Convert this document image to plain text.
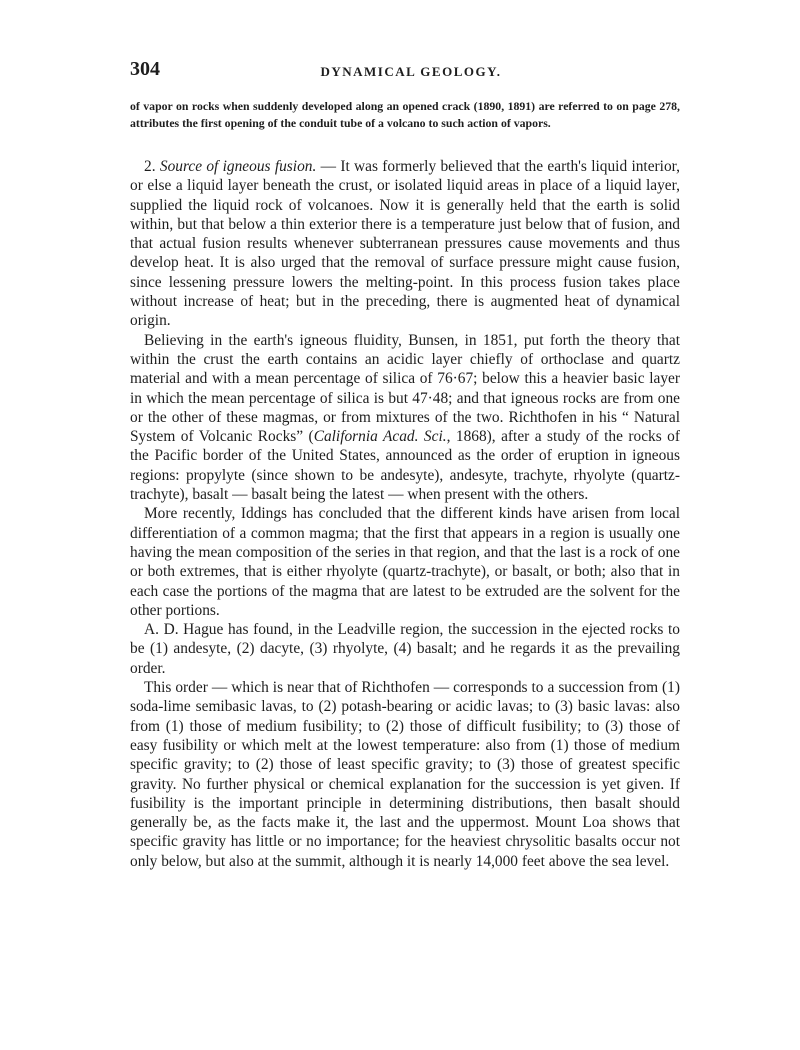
304	DYNAMICAL GEOLOGY.
of vapor on rocks when suddenly developed along an opened crack (1890, 1891) are referred to on page 278, attributes the first opening of the conduit tube of a volcano to such action of vapors.

2. Source of igneous fusion. — It was formerly believed that the earth's liquid interior, or else a liquid layer beneath the crust, or isolated liquid areas in place of a liquid layer, supplied the liquid rock of volcanoes. Now it is generally held that the earth is solid within, but that below a thin exterior there is a temperature just below that of fusion, and that actual fusion results whenever subterranean pressures cause movements and thus develop heat. It is also urged that the removal of surface pressure might cause fusion, since lessening pressure lowers the melting-point. In this process fusion takes place without increase of heat; but in the preceding, there is augmented heat of dynamical origin.

Believing in the earth's igneous fluidity, Bunsen, in 1851, put forth the theory that within the crust the earth contains an acidic layer chiefly of orthoclase and quartz material and with a mean percentage of silica of 76·67; below this a heavier basic layer in which the mean percentage of silica is but 47·48; and that igneous rocks are from one or the other of these magmas, or from mixtures of the two. Richthofen in his “ Natural System of Volcanic Rocks” (California Acad. Sci., 1868), after a study of the rocks of the Pacific border of the United States, announced as the order of eruption in igneous regions: propylyte (since shown to be andesyte), andesyte, trachyte, rhyolyte (quartz-trachyte), basalt — basalt being the latest — when present with the others.

More recently, Iddings has concluded that the different kinds have arisen from local differentiation of a common magma; that the first that appears in a region is usually one having the mean composition of the series in that region, and that the last is a rock of one or both extremes, that is either rhyolyte (quartz-trachyte), or basalt, or both; also that in each case the portions of the magma that are latest to be extruded are the solvent for the other portions.

A. D. Hague has found, in the Leadville region, the succession in the ejected rocks to be (1) andesyte, (2) dacyte, (3) rhyolyte, (4) basalt; and he regards it as the prevailing order.

This order — which is near that of Richthofen — corresponds to a succession from (1) soda-lime semibasic lavas, to (2) potash-bearing or acidic lavas; to (3) basic lavas: also from (1) those of medium fusibility; to (2) those of difficult fusibility; to (3) those of easy fusibility or which melt at the lowest temperature: also from (1) those of medium specific gravity; to (2) those of least specific gravity; to (3) those of greatest specific gravity. No further physical or chemical explanation for the succession is yet given. If fusibility is the important principle in determining distributions, then basalt should generally be, as the facts make it, the last and the uppermost. Mount Loa shows that specific gravity has little or no importance; for the heaviest chrysolitic basalts occur not only below, but also at the summit, although it is nearly 14,000 feet above the sea level.
